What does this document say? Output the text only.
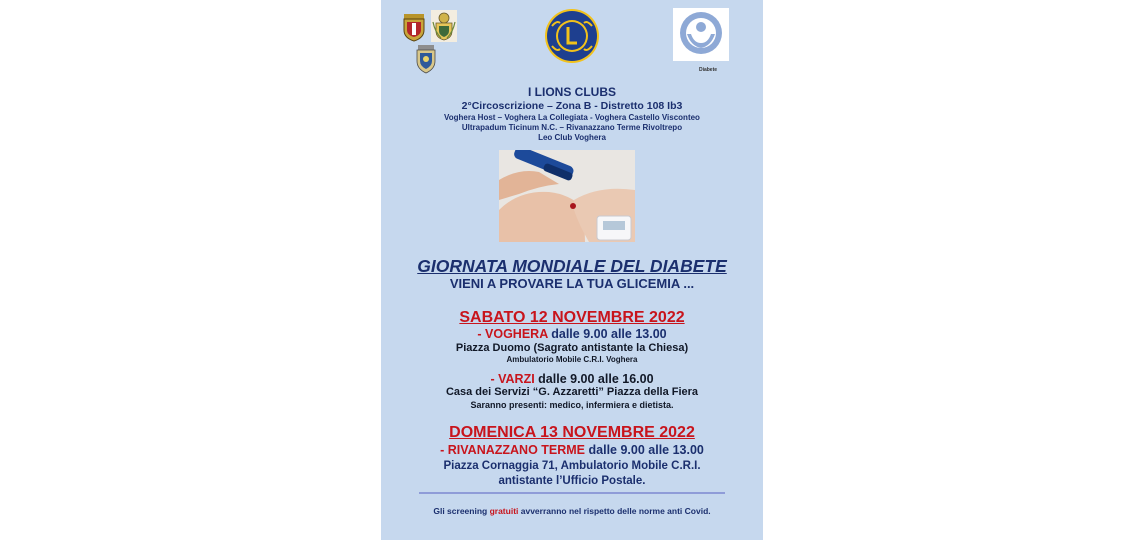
Diabete
I LIONS CLUBS
2°Circoscrizione – Zona B - Distretto 108 Ib3
Voghera Host – Voghera La Collegiata - Voghera Castello Visconteo
Ultrapadum Ticinum N.C. – Rivanazzano Terme Rivoltrepo
Leo Club Voghera
GIORNATA MONDIALE DEL DIABETE
VIENI A PROVARE LA TUA GLICEMIA ...
SABATO 12 NOVEMBRE 2022
- VOGHERA dalle 9.00 alle 13.00
Piazza Duomo (Sagrato antistante la Chiesa)
Ambulatorio Mobile C.R.I. Voghera
- VARZI dalle 9.00 alle 16.00
Casa dei Servizi “G. Azzaretti” Piazza della Fiera
Saranno presenti: medico, infermiera e dietista.
DOMENICA 13 NOVEMBRE 2022
- RIVANAZZANO TERME dalle 9.00 alle 13.00
Piazza Cornaggia 71, Ambulatorio Mobile C.R.I.
antistante l’Ufficio Postale.
Gli screening gratuiti avverranno nel rispetto delle norme anti Covid.
